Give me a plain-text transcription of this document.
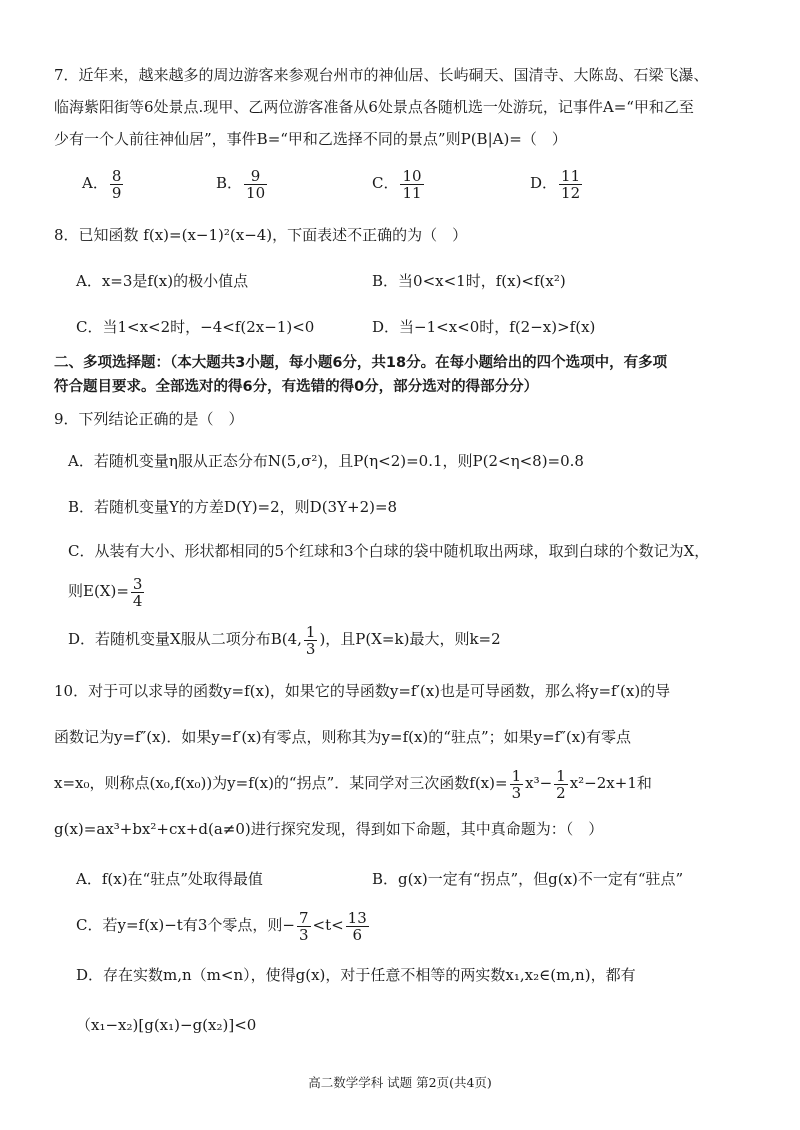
7．近年来，越来越多的周边游客来参观台州市的神仙居、长屿硐天、国清寺、大陈岛、石梁飞瀑、
临海紫阳街等6处景点.现甲、乙两位游客准备从6处景点各随机选一处游玩，记事件A=“甲和乙至
少有一个人前往神仙居”，事件B=“甲和乙选择不同的景点”则P(B|A)=（　）
A． $\frac{8}{9}$	B． $\frac{9}{10}$	C． $\frac{10}{11}$	D． $\frac{11}{12}$
8．已知函数 f(x)=(x−1)²(x−4)，下面表述不正确的为（　）
A．x=3是f(x)的极小值点	B．当0<x<1时，f(x)<f(x²)
C．当1<x<2时，−4<f(2x−1)<0	D．当−1<x<0时，f(2−x)>f(x)
二、多项选择题：（本大题共3小题，每小题6分，共18分。在每小题给出的四个选项中，有多项
符合题目要求。全部选对的得6分，有选错的得0分，部分选对的得部分分）
9．下列结论正确的是（　）
A．若随机变量η服从正态分布N(5,σ²)，且P(η<2)=0.1，则P(2<η<8)=0.8
B．若随机变量Y的方差D(Y)=2，则D(3Y+2)=8
C．从装有大小、形状都相同的5个红球和3个白球的袋中随机取出两球，取到白球的个数记为X，
则$E(X)= \frac{3}{4}$
D．若随机变量X服从二项分布B(4, $\frac{1}{3}$ )，且P(X=k)最大，则k=2
10．对于可以求导的函数y=f(x)，如果它的导函数y=f′(x)也是可导函数，那么将y=f′(x)的导
函数记为y=f″(x)．如果y=f′(x)有零点，则称其为y=f(x)的“驻点”；如果y=f″(x)有零点
x=x₀，则称点(x₀,f(x₀))为y=f(x)的“拐点”．某同学对三次函数$f(x)= \frac{1}{3} x^3- \frac{1}{2} x^2-2x+1$和
g(x)=ax³+bx²+cx+d(a≠0)进行探究发现，得到如下命题，其中真命题为：（　）
A．f(x)在“驻点”处取得最值	B．g(x)一定有“拐点”，但g(x)不一定有“驻点”
C．若y=f(x)−t有3个零点，则− $\frac{7}{3} <t< \frac{13}{6}$
D．存在实数m,n（m<n），使得g(x)，对于任意不相等的两实数x₁,x₂∈(m,n)，都有
（x₁−x₂)[g(x₁)−g(x₂)]<0
高二数学学科 试题 第2页(共4页)
